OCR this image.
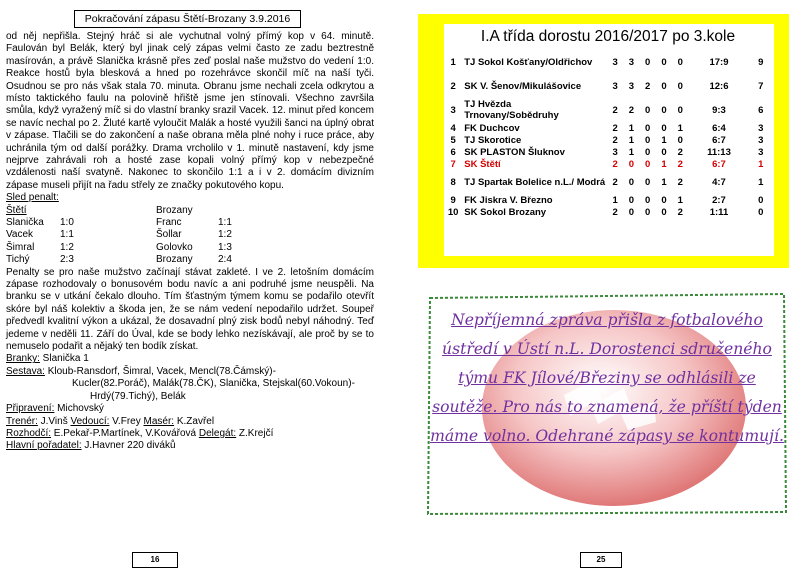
Pokračování zápasu Štětí-Brozany 3.9.2016
od něj nepřišla. Stejný hráč si ale vychutnal volný přímý kop v 64. minutě. Faulován byl Belák, který byl jinak celý zápas velmi často ze zadu beztrestně masírován, a právě Slanička krásně přes zeď poslal naše mužstvo do vedení 1:0. Reakce hostů byla blesková a hned po rozehrávce skončil míč na naší tyči. Osudnou se pro nás však stala 70. minuta. Obranu jsme nechali zcela odkrytou a místo taktického faulu na polovině hřiště jsme jen stínovali. Všechno završila smůla, když vyražený míč si do vlastní branky srazil Vacek. 12. minut před koncem se navíc nechal po 2. Žluté kartě vyloučit Malák a hosté využili šanci na úplný obrat v zápase. Tlačili se do zakončení a naše obrana měla plné nohy i ruce práce, aby uchránila tým od další porážky. Drama vrcholilo v 1. minutě nastavení, kdy jsme nejprve zahrávali roh a hosté zase kopali volný přímý kop v nebezpečné vzdálenosti naší svatyně. Nakonec to skončilo 1:1 a i v 2. domácím divizním zápase museli přijít na řadu střely ze značky pokutového kopu.
Sled penalt:
Štětí	Brozany
Slanička 1:0	Franc	1:1
Vacek	1:1	Šollar	1:2
Šimral	1:2	Golovko	1:3
Tichý	2:3	Brozany	2:4
Penalty se pro naše mužstvo začínají stávat zakleté. I ve 2. letošním domácím zápase rozhodovaly o bonusovém bodu navíc a ani podruhé jsme neuspěli. Na branku se v utkání čekalo dlouho. Tím šťastným týmem komu se podařilo otevřít skóre byl náš kolektiv a škoda jen, že se nám vedení nepodařilo udržet. Soupeř předvedl kvalitní výkon a ukázal, že dosavadní plný zisk bodů nebyl náhodný. Teď jedeme v neděli 11. Září do Úval, kde se body lehko nezískávají, ale proč by se to nemuselo podařit a nějaký ten bodík získat.
Branky: Slanička 1
Sestava: Kloub-Ransdorf, Šimral, Vacek, Mencl(78.Čámský)-
Kucler(82.Poráč), Malák(78.ČK), Slanička, Stejskal(60.Vokoun)-
Hrdý(79.Tichý), Belák
Připravení: Michovský
Trenér: J.Vinš Vedoucí: V.Frey Masér: K.Zavřel
Rozhodčí: E.Pekař-P.Martínek, V.Kovářová Delegát: Z.Krejčí
Hlavní pořadatel: J.Havner 220 diváků
16
I.A třída dorostu 2016/2017 po 3.kole
1	TJ Sokol Košťany/Oldřichov	3	3	0	0	0	17:9	9
2	SK V. Šenov/Mikulášovice	3	3	2	0	0	12:6	7
3	TJ Hvězda Trnovany/Sobědruhy	2	2	0	0	0	9:3	6
4	FK Duchcov	2	1	0	0	1	6:4	3
5	TJ Skorotice	2	1	0	1	0	6:7	3
6	SK PLASTON Šluknov	3	1	0	0	2	11:13	3
7	SK Štětí	2	0	0	1	2	6:7	1
8	TJ Spartak Bolelice n.L./ Modrá	2	0	0	1	2	4:7	1
9	FK Jiskra V. Březno	1	0	0	0	1	2:7	0
10	SK Sokol Brozany	2	0	0	0	2	1:11	0
Nepříjemná zpráva přišla z fotbalového ústředí v Ústí n.L. Dorostenci sdruženého týmu FK Jílové/Březiny se odhlásili ze soutěže. Pro nás to znamená, že příští týden máme volno. Odehrané zápasy se kontumují.
25
